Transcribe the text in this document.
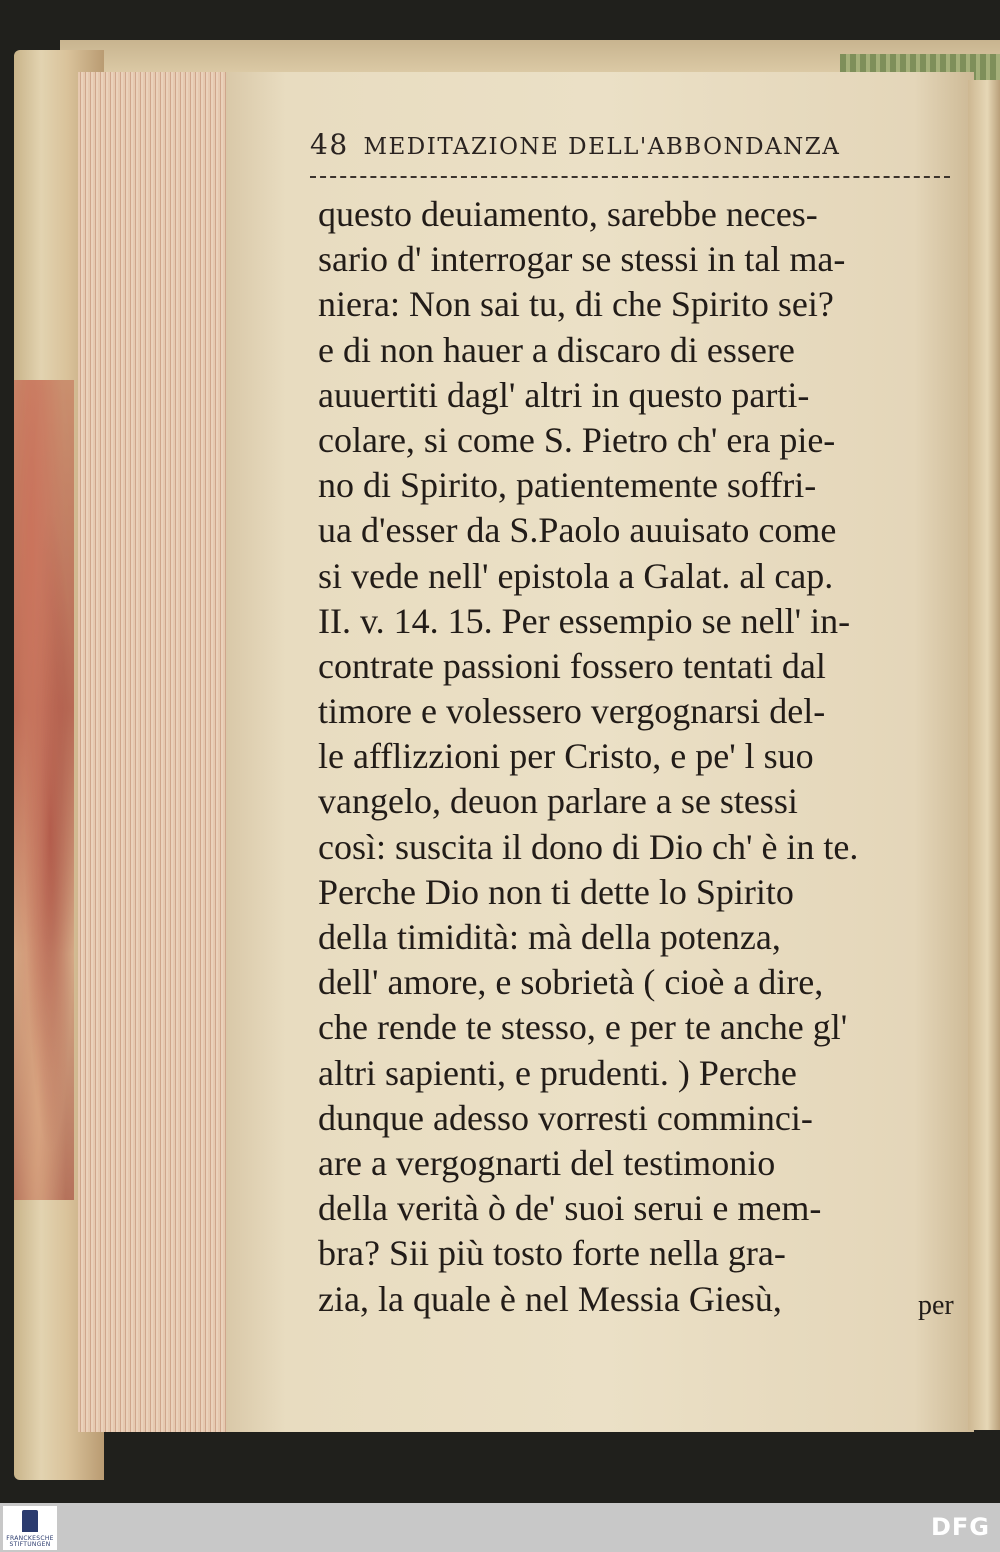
48 MEDITAZIONE DELL'ABBONDANZA
questo deuiamento, sarebbe neces-
sario d' interrogar se stessi in tal ma-
niera: Non sai tu, di che Spirito sei?
e di non hauer a discaro di essere
auuertiti dagl' altri in questo parti-
colare, si come S. Pietro ch' era pie-
no di Spirito, patientemente soffri-
ua d'esser da S.Paolo auuisato come
si vede nell' epistola a Galat. al cap.
II. v. 14. 15. Per essempio se nell' in-
contrate passioni fossero tentati dal
timore e volessero vergognarsi del-
le afflizzioni per Cristo, e pe' l suo
vangelo, deuon parlare a se stessi
così: suscita il dono di Dio ch' è in te.
Perche Dio non ti dette lo Spirito
della timidità: mà della potenza,
dell' amore, e sobrietà ( cioè a dire,
che rende te stesso, e per te anche gl'
altri sapienti, e prudenti. ) Perche
dunque adesso vorresti comminci-
are a vergognarti del testimonio
della verità ò de' suoi serui e mem-
bra? Sii più tosto forte nella gra-
zia, la quale è nel Messia Giesù,	per
FRANCKESCHE STIFTUNGEN
DFG
